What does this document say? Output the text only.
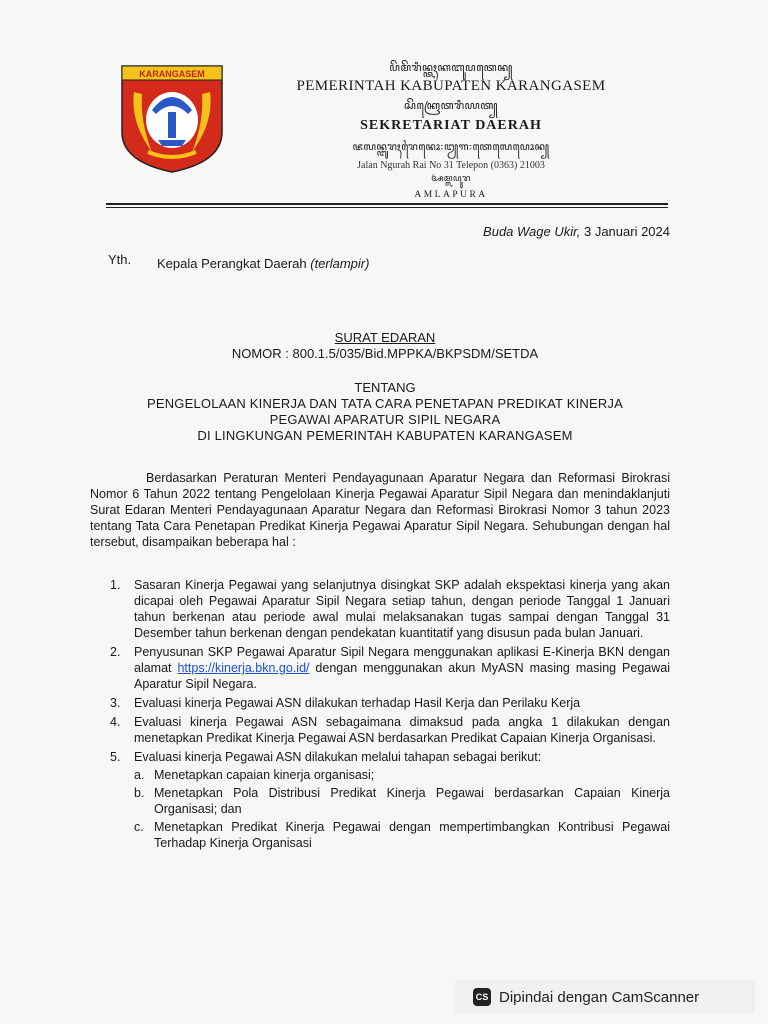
KARANGASEM	ꦥꦼꦩꦼꦫꦶꦤ꧀ꦠꦃꦏꦧꦸꦥꦠꦺꦤ꧀
PEMERINTAH KABUPATEN KARANGASEM
ꦱꦼꦏꦿꦺꦠꦫꦶꦪꦠ꧀
SEKRETARIAT DAERAH
ꦗꦭꦤ꧀ꦔꦸꦫꦃꦫꦻꦤꦺꦴ꧇꧓꧑꧇ꦠꦺꦭꦺꦥꦺꦴꦤ꧀
Jalan Ngurah Rai No 31 Telepon (0363) 21003
ꦄꦩ꧀ꦭꦥꦸꦫ
AMLAPURA
Buda Wage Ukir, 3 Januari 2024
Yth. Kepala Perangkat Daerah (terlampir)
SURAT EDARAN
NOMOR : 800.1.5/035/Bid.MPPKA/BKPSDM/SETDA
TENTANG
PENGELOLAAN KINERJA DAN TATA CARA PENETAPAN PREDIKAT KINERJA
PEGAWAI APARATUR SIPIL NEGARA
DI LINGKUNGAN PEMERINTAH KABUPATEN KARANGASEM
Berdasarkan Peraturan Menteri Pendayagunaan Aparatur Negara dan Reformasi Birokrasi Nomor 6 Tahun 2022 tentang Pengelolaan Kinerja Pegawai Aparatur Sipil Negara dan menindaklanjuti Surat Edaran Menteri Pendayagunaan Aparatur Negara dan Reformasi Birokrasi Nomor 3 tahun 2023 tentang Tata Cara Penetapan Predikat Kinerja Pegawai Aparatur Sipil Negara. Sehubungan dengan hal tersebut, disampaikan beberapa hal :
1. Sasaran Kinerja Pegawai yang selanjutnya disingkat SKP adalah ekspektasi kinerja yang akan dicapai oleh Pegawai Aparatur Sipil Negara setiap tahun, dengan periode Tanggal 1 Januari tahun berkenan atau periode awal mulai melaksanakan tugas sampai dengan Tanggal 31 Desember tahun berkenan dengan pendekatan kuantitatif yang disusun pada bulan Januari.
2. Penyusunan SKP Pegawai Aparatur Sipil Negara menggunakan aplikasi E-Kinerja BKN dengan alamat https://kinerja.bkn.go.id/ dengan menggunakan akun MyASN masing masing Pegawai Aparatur Sipil Negara.
3. Evaluasi kinerja Pegawai ASN dilakukan terhadap Hasil Kerja dan Perilaku Kerja
4. Evaluasi kinerja Pegawai ASN sebagaimana dimaksud pada angka 1 dilakukan dengan menetapkan Predikat Kinerja Pegawai ASN berdasarkan Predikat Capaian Kinerja Organisasi.
5. Evaluasi kinerja Pegawai ASN dilakukan melalui tahapan sebagai berikut:
a. Menetapkan capaian kinerja organisasi;
b. Menetapkan Pola Distribusi Predikat Kinerja Pegawai berdasarkan Capaian Kinerja Organisasi; dan
c. Menetapkan Predikat Kinerja Pegawai dengan mempertimbangkan Kontribusi Pegawai Terhadap Kinerja Organisasi
CS Dipindai dengan CamScanner
